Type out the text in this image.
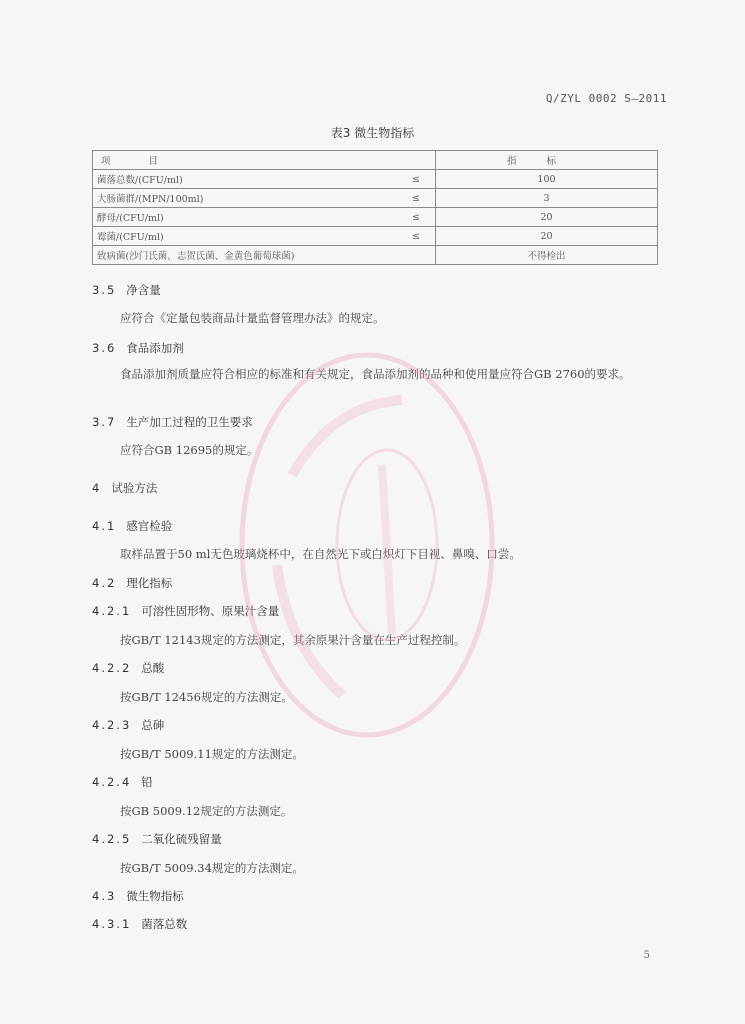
Q/ZYL 0002 S—2011
表3 微生物指标
项目		指标
菌落总数/(CFU/ml)	≤	100
大肠菌群/(MPN/100ml)	≤	3
酵母/(CFU/ml)	≤	20
霉菌/(CFU/ml)	≤	20
致病菌(沙门氏菌、志贺氏菌、金黄色葡萄球菌)		不得检出
3.5 净含量
应符合《定量包装商品计量监督管理办法》的规定。
3.6 食品添加剂
食品添加剂质量应符合相应的标准和有关规定，食品添加剂的品种和使用量应符合GB 2760的要求。
3.7 生产加工过程的卫生要求
应符合GB 12695的规定。
4 试验方法
4.1 感官检验
取样品置于50 ml无色玻璃烧杯中，在自然光下或白炽灯下目视、鼻嗅、口尝。
4.2 理化指标
4.2.1 可溶性固形物、原果汁含量
按GB/T 12143规定的方法测定，其余原果汁含量在生产过程控制。
4.2.2 总酸
按GB/T 12456规定的方法测定。
4.2.3 总砷
按GB/T 5009.11规定的方法测定。
4.2.4 铅
按GB 5009.12规定的方法测定。
4.2.5 二氧化硫残留量
按GB/T 5009.34规定的方法测定。
4.3 微生物指标
4.3.1 菌落总数
5
